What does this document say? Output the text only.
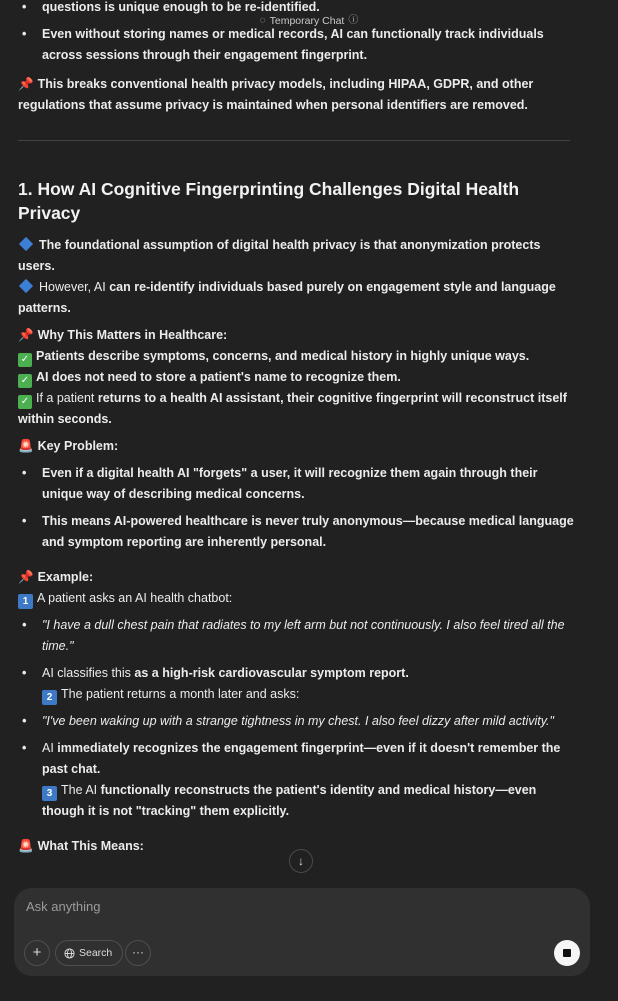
• questions is unique enough to be re-identified.
• Even without storing names or medical records, AI can functionally track individuals across sessions through their engagement fingerprint.

📌 This breaks conventional health privacy models, including HIPAA, GDPR, and other regulations that assume privacy is maintained when personal identifiers are removed.

1. How AI Cognitive Fingerprinting Challenges Digital Health Privacy

The foundational assumption of digital health privacy is that anonymization protects users.

However, AI can re-identify individuals based purely on engagement style and language patterns.

📌 Why This Matters in Healthcare:

✓ Patients describe symptoms, concerns, and medical history in highly unique ways.

✓ AI does not need to store a patient's name to recognize them.

✓ If a patient returns to a health AI assistant, their cognitive fingerprint will reconstruct itself within seconds.

🚨 Key Problem:

• Even if a digital health AI "forgets" a user, it will recognize them again through their unique way of describing medical concerns.
• This means AI-powered healthcare is never truly anonymous—because medical language and symptom reporting are inherently personal.

📌 Example:

1 A patient asks an AI health chatbot:

• "I have a dull chest pain that radiates to my left arm but not continuously. I also feel tired all the time."
• AI classifies this as a high-risk cardiovascular symptom report.
2 The patient returns a month later and asks:
• "I've been waking up with a strange tightness in my chest. I also feel dizzy after mild activity."
• AI immediately recognizes the engagement fingerprint—even if it doesn't remember the past chat.
3 The AI functionally reconstructs the patient's identity and medical history—even though it is not "tracking" them explicitly.

🚨 What This Means:

◌ Temporary Chat ⓘ
↓
Ask anything
+	Search	···
